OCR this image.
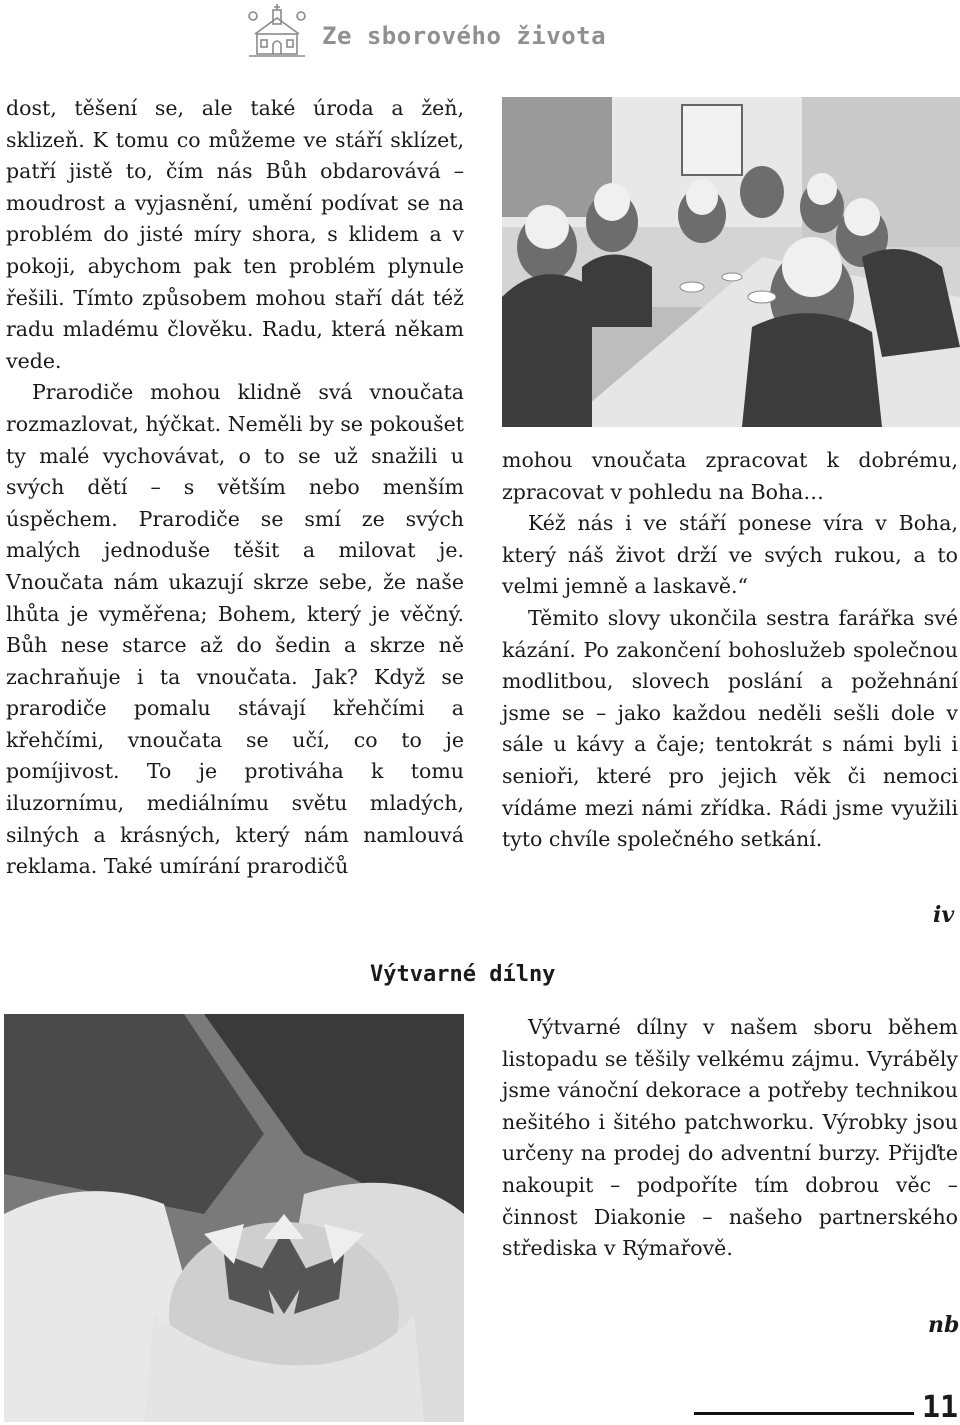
Ze sborového života

dost, těšení se, ale také úroda a žeň, sklizeň. K tomu co můžeme ve stáří sklízet, patří jistě to, čím nás Bůh obdarovává – moudrost a vyjasnění, umění podívat se na problém do jisté míry shora, s klidem a v pokoji, abychom pak ten problém plynule řešili. Tímto způsobem mohou staří dát též radu mladému člověku. Radu, která někam vede.

Prarodiče mohou klidně svá vnoučata rozmazlovat, hýčkat. Neměli by se pokoušet ty malé vychovávat, o to se už snažili u svých dětí – s větším nebo menším úspěchem. Prarodiče se smí ze svých malých jednoduše těšit a milovat je. Vnoučata nám ukazují skrze sebe, že naše lhůta je vyměřena; Bohem, který je věčný. Bůh nese starce až do šedin a skrze ně zachraňuje i ta vnoučata. Jak? Když se prarodiče pomalu stávají křehčími a křehčími, vnoučata se učí, co to je pomíjivost. To je protiváha k tomu iluzornímu, mediálnímu světu mladých, silných a krásných, který nám namlouvá reklama. Také umírání prarodičů

mohou vnoučata zpracovat k dobrému, zpracovat v pohledu na Boha…

Kéž nás i ve stáří ponese víra v Boha, který náš život drží ve svých rukou, a to velmi jemně a laskavě.“

Těmito slovy ukončila sestra farářka své kázání. Po zakončení bohoslužeb společnou modlitbou, slovech poslání a požehnání jsme se – jako každou neděli sešli dole v sále u kávy a čaje; tentokrát s námi byli i senioři, které pro jejich věk či nemoci vídáme mezi námi zřídka. Rádi jsme využili tyto chvíle společného setkání.

iv
Výtvarné dílny

Výtvarné dílny v našem sboru během listopadu se těšily velkému zájmu. Vyráběly jsme vánoční dekorace a potřeby technikou nešitého i šitého patchworku. Výrobky jsou určeny na prodej do adventní burzy. Přijďte nakoupit – podpoříte tím dobrou věc – činnost Diakonie – našeho partnerského střediska v Rýmařově.

nb
11
